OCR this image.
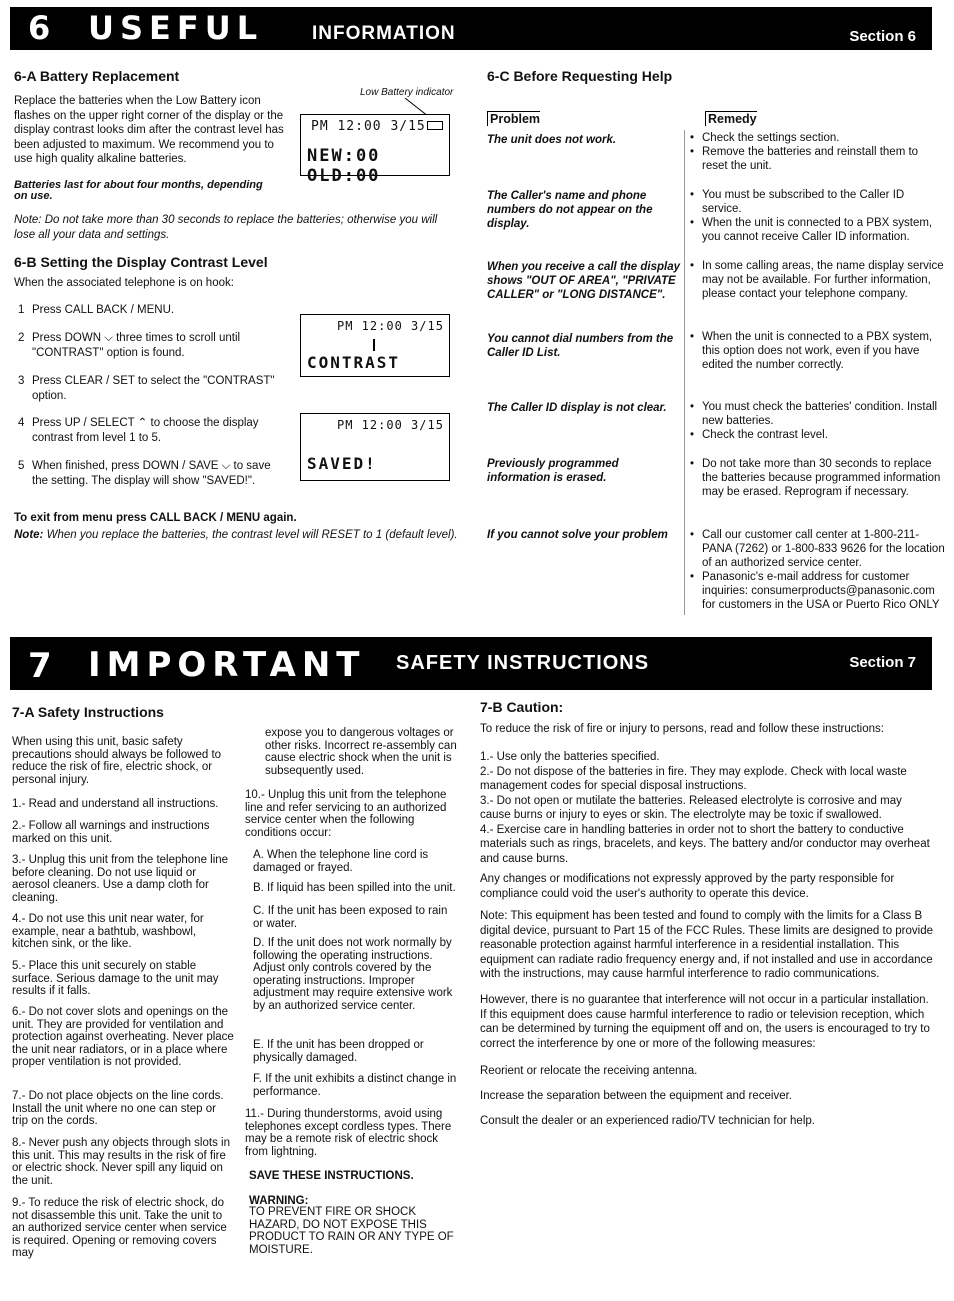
6 USEFUL	INFORMATION	Section 6
6-A Battery Replacement
Replace the batteries when the Low Battery icon flashes on the upper right corner of the display or the display contrast looks dim after the contrast level has been adjusted to maximum. We recommend you to use high quality alkaline batteries.
Low Battery indicator
PM 12:00 3/15
NEW:00 OLD:00
Batteries last for about four months, depending on use.
Note: Do not take more than 30 seconds to replace the batteries; otherwise you will lose all your data and settings.
6-B Setting the Display Contrast Level
When the associated telephone is on hook:
1 Press CALL BACK / MENU.
2 Press DOWN ⌵ three times to scroll until "CONTRAST" option is found.
3 Press CLEAR / SET to select the "CONTRAST" option.
4 Press UP / SELECT ⌃ to choose the display contrast from level 1 to 5.
5 When finished, press DOWN / SAVE ⌵ to save the setting. The display will show "SAVED!".
PM 12:00 3/15
CONTRAST
PM 12:00 3/15
SAVED!
To exit from menu press CALL BACK / MENU again.
Note: When you replace the batteries, the contrast level will RESET to 1 (default level).
6-C Before Requesting Help
Problem	Remedy
The unit does not work.	• Check the settings section.
• Remove the batteries and reinstall them to reset the unit.
The Caller's name and phone numbers do not appear on the display.
• You must be subscribed to the Caller ID service.
• When the unit is connected to a PBX system, you cannot receive Caller ID information.
When you receive a call the display shows "OUT OF AREA", "PRIVATE CALLER" or "LONG DISTANCE".
• In some calling areas, the name display service may not be available. For further information, please contact your telephone company.
You cannot dial numbers from the Caller ID List.
• When the unit is connected to a PBX system, this option does not work, even if you have edited the number correctly.
The Caller ID display is not clear.	• You must check the batteries' condition. Install new batteries.
• Check the contrast level.
Previously programmed information is erased.
• Do not take more than 30 seconds to replace the batteries because programmed information may be erased. Reprogram if necessary.
If you cannot solve your problem	• Call our customer call center at 1-800-211-PANA (7262) or 1-800-833 9626 for the location of an authorized service center.
• Panasonic's e-mail address for customer inquiries: consumerproducts@panasonic.com for customers in the USA or Puerto Rico ONLY
7 IMPORTANT SAFETY INSTRUCTIONS	Section 7
7-A Safety Instructions
When using this unit, basic safety precautions should always be followed to reduce the risk of fire, electric shock, or personal injury.
1.- Read and understand all instructions.
2.- Follow all warnings and instructions marked on this unit.
3.- Unplug this unit from the telephone line before cleaning. Do not use liquid or aerosol cleaners. Use a damp cloth for cleaning.
4.- Do not use this unit near water, for example, near a bathtub, washbowl, kitchen sink, or the like.
5.- Place this unit securely on stable surface. Serious damage to the unit may results if it falls.
6.- Do not cover slots and openings on the unit. They are provided for ventilation and protection against overheating. Never place the unit near radiators, or in a place where proper ventilation is not provided.
7.- Do not place objects on the line cords. Install the unit where no one can step or trip on the cords.
8.- Never push any objects through slots in this unit. This may results in the risk of fire or electric shock. Never spill any liquid on the unit.
9.- To reduce the risk of electric shock, do not disassemble this unit. Take the unit to an authorized service center when service is required. Opening or removing covers may
expose you to dangerous voltages or other risks. Incorrect re-assembly can cause electric shock when the unit is subsequently used.
10.- Unplug this unit from the telephone line and refer servicing to an authorized service center when the following conditions occur:
A. When the telephone line cord is damaged or frayed.
B. If liquid has been spilled into the unit.
C. If the unit has been exposed to rain or water.
D. If the unit does not work normally by following the operating instructions. Adjust only controls covered by the operating instructions. Improper adjustment may require extensive work by an authorized service center.
E. If the unit has been dropped or physically damaged.
F. If the unit exhibits a distinct change in performance.
11.- During thunderstorms, avoid using telephones except cordless types. There may be a remote risk of electric shock from lightning.
SAVE THESE INSTRUCTIONS.
WARNING:
TO PREVENT FIRE OR SHOCK HAZARD, DO NOT EXPOSE THIS PRODUCT TO RAIN OR ANY TYPE OF MOISTURE.
7-B Caution:
To reduce the risk of fire or injury to persons, read and follow these instructions:

1.- Use only the batteries specified.

2.- Do not dispose of the batteries in fire. They may explode. Check with local waste management codes for special disposal instructions.

3.- Do not open or mutilate the batteries. Released electrolyte is corrosive and may cause burns or injury to eyes or skin. The electrolyte may be toxic if swallowed.

4.- Exercise care in handling batteries in order not to short the battery to conductive materials such as rings, bracelets, and keys. The battery and/or conductor may overheat and cause burns.

Any changes or modifications not expressly approved by the party responsible for compliance could void the user's authority to operate this device.
Note: This equipment has been tested and found to comply with the limits for a Class B digital device, pursuant to Part 15 of the FCC Rules. These limits are designed to provide reasonable protection against harmful interference in a residential installation. This equipment can radiate radio frequency energy and, if not installed and use in accordance with the instructions, may cause harmful interference to radio communications.
However, there is no guarantee that interference will not occur in a particular installation. If this equipment does cause harmful interference to radio or television reception, which can be determined by turning the equipment off and on, the users is encouraged to try to correct the interference by one or more of the following measures:
Reorient or relocate the receiving antenna.
Increase the separation between the equipment and receiver.
Consult the dealer or an experienced radio/TV technician for help.
